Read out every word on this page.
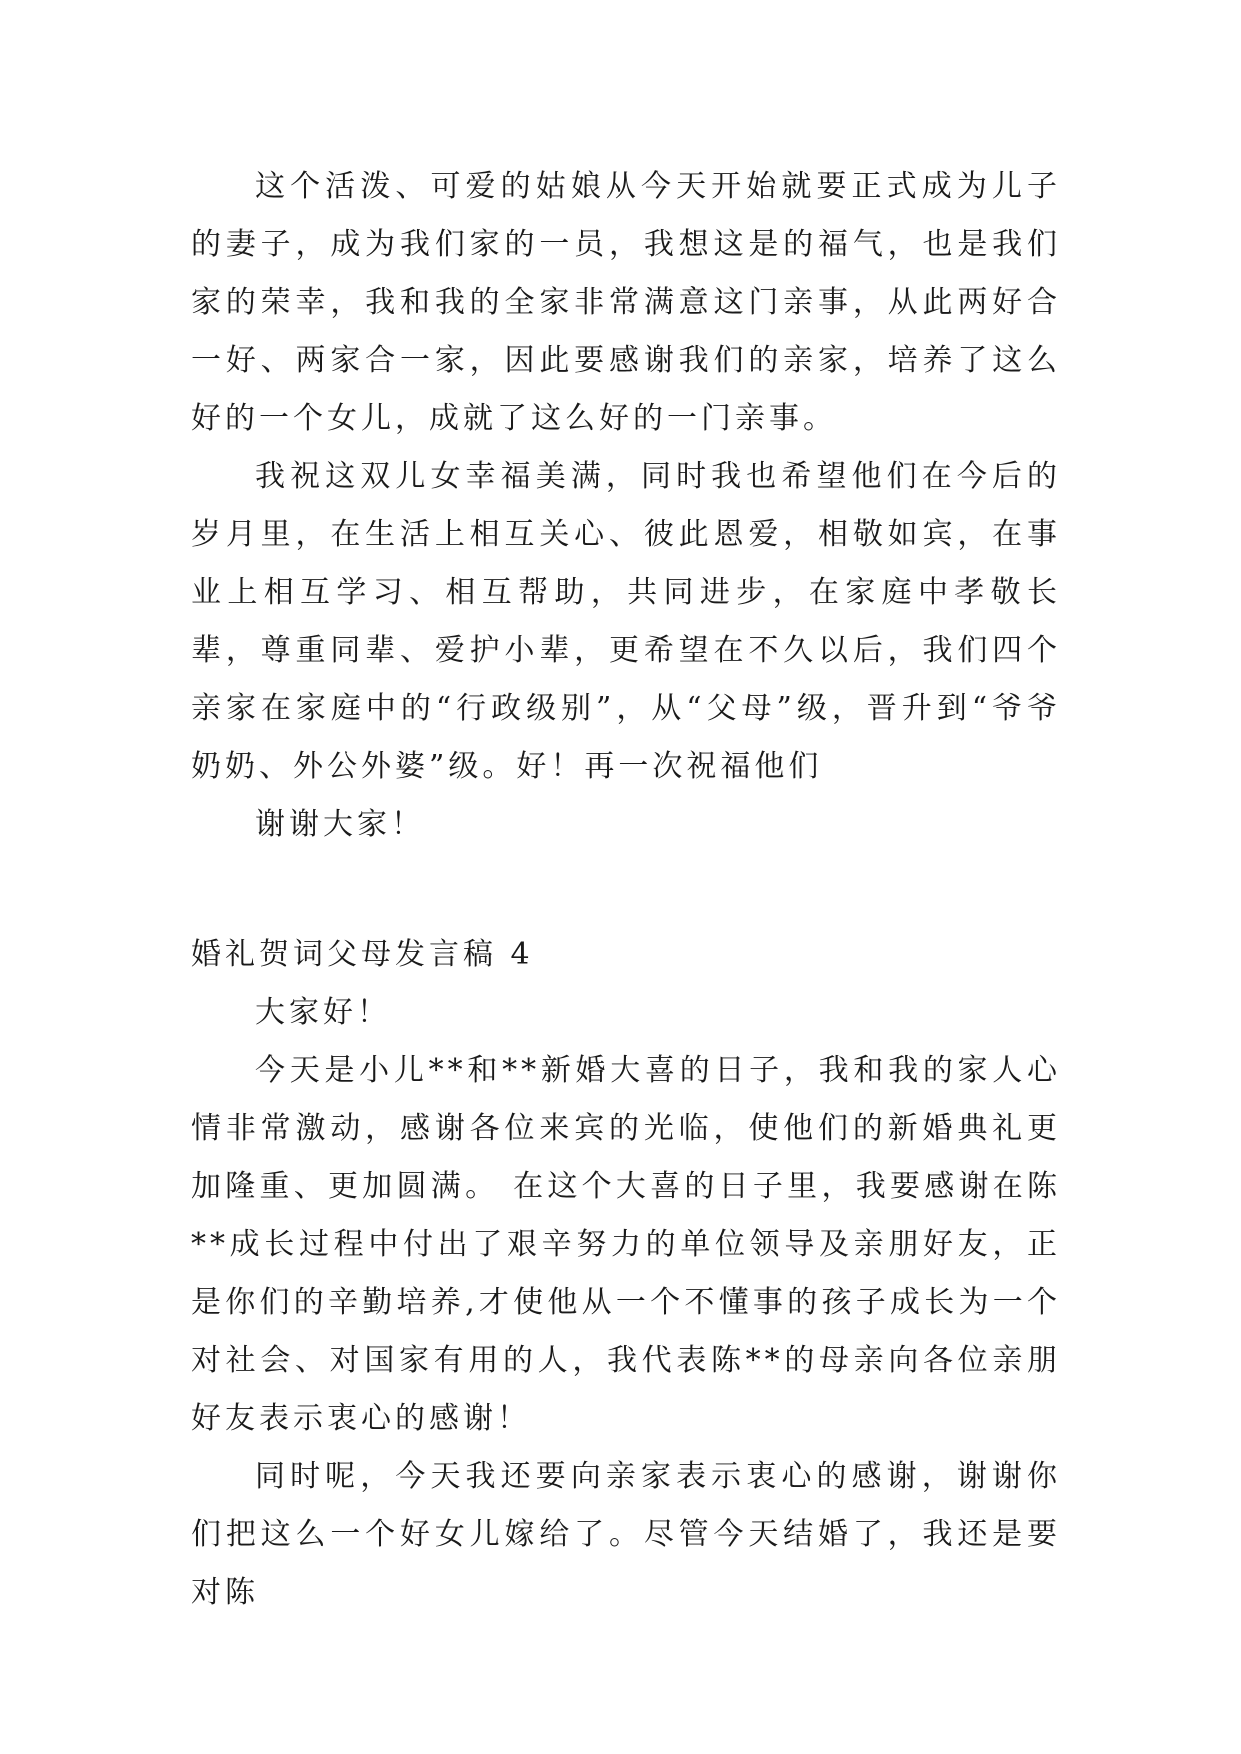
这个活泼、可爱的姑娘从今天开始就要正式成为儿子的妻子，成为我们家的一员，我想这是的福气，也是我们家的荣幸，我和我的全家非常满意这门亲事，从此两好合一好、两家合一家，因此要感谢我们的亲家，培养了这么好的一个女儿，成就了这么好的一门亲事。

我祝这双儿女幸福美满，同时我也希望他们在今后的岁月里，在生活上相互关心、彼此恩爱，相敬如宾，在事业上相互学习、相互帮助，共同进步，在家庭中孝敬长辈，尊重同辈、爱护小辈，更希望在不久以后，我们四个亲家在家庭中的“行政级别”，从“父母”级，晋升到“爷爷奶奶、外公外婆”级。好！再一次祝福他们

谢谢大家！

婚礼贺词父母发言稿 4

大家好！

今天是小儿**和**新婚大喜的日子，我和我的家人心情非常激动，感谢各位来宾的光临，使他们的新婚典礼更加隆重、更加圆满。 在这个大喜的日子里，我要感谢在陈**成长过程中付出了艰辛努力的单位领导及亲朋好友，正是你们的辛勤培养,才使他从一个不懂事的孩子成长为一个对社会、对国家有用的人，我代表陈**的母亲向各位亲朋好友表示衷心的感谢！

同时呢，今天我还要向亲家表示衷心的感谢，谢谢你们把这么一个好女儿嫁给了。尽管今天结婚了，我还是要对陈
